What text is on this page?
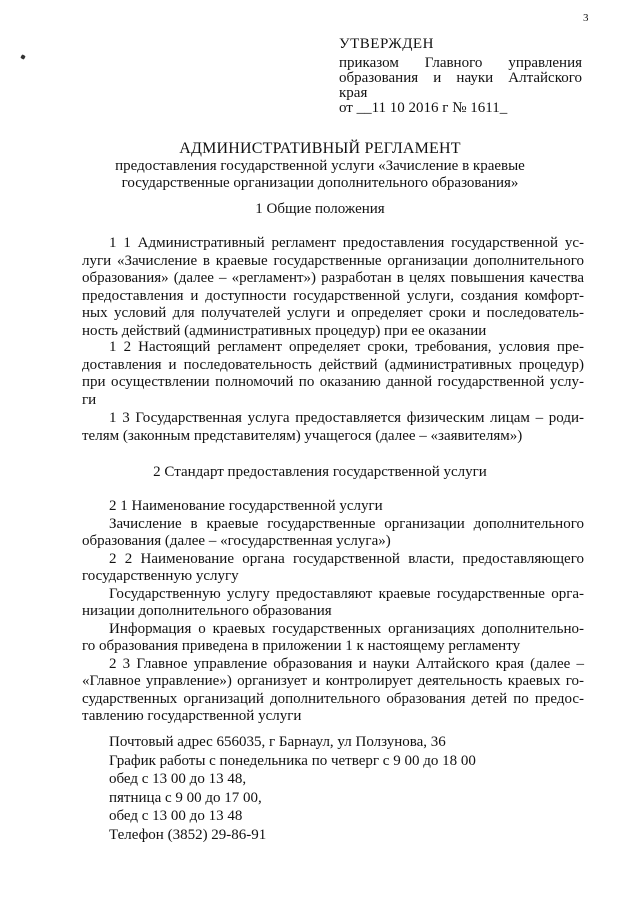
3
УТВЕРЖДЕН
приказом Главного управления
образования и науки Алтайского
края
от __11 10 2016 г № 1611_
АДМИНИСТРАТИВНЫЙ РЕГЛАМЕНТ
предоставления государственной услуги «Зачисление в краевые
государственные организации дополнительного образования»
1 Общие положения
1 1 Административный регламент предоставления государственной ус-
луги «Зачисление в краевые государственные организации дополнительного
образования» (далее – «регламент») разработан в целях повышения качества
предоставления и доступности государственной услуги, создания комфорт-
ных условий для получателей услуги и определяет сроки и последователь-
ность действий (административных процедур) при ее оказании
1 2 Настоящий регламент определяет сроки, требования, условия пре-
доставления и последовательность действий (административных процедур)
при осуществлении полномочий по оказанию данной государственной услу-
ги
1 3 Государственная услуга предоставляется физическим лицам – роди-
телям (законным представителям) учащегося (далее – «заявителям»)
2 Стандарт предоставления государственной услуги
2 1 Наименование государственной услуги
Зачисление в краевые государственные организации дополнительного
образования (далее – «государственная услуга»)
2 2 Наименование органа государственной власти, предоставляющего
государственную услугу
Государственную услугу предоставляют краевые государственные орга-
низации дополнительного образования
Информация о краевых государственных организациях дополнительно-
го образования приведена в приложении 1 к настоящему регламенту
2 3 Главное управление образования и науки Алтайского края (далее –
«Главное управление») организует и контролирует деятельность краевых го-
сударственных организаций дополнительного образования детей по предос-
тавлению государственной услуги
Почтовый адрес 656035, г Барнаул, ул Ползунова, 36
График работы с понедельника по четверг с 9 00 до 18 00
обед с 13 00 до 13 48,
пятница с 9 00 до 17 00,
обед с 13 00 до 13 48
Телефон (3852) 29-86-91
